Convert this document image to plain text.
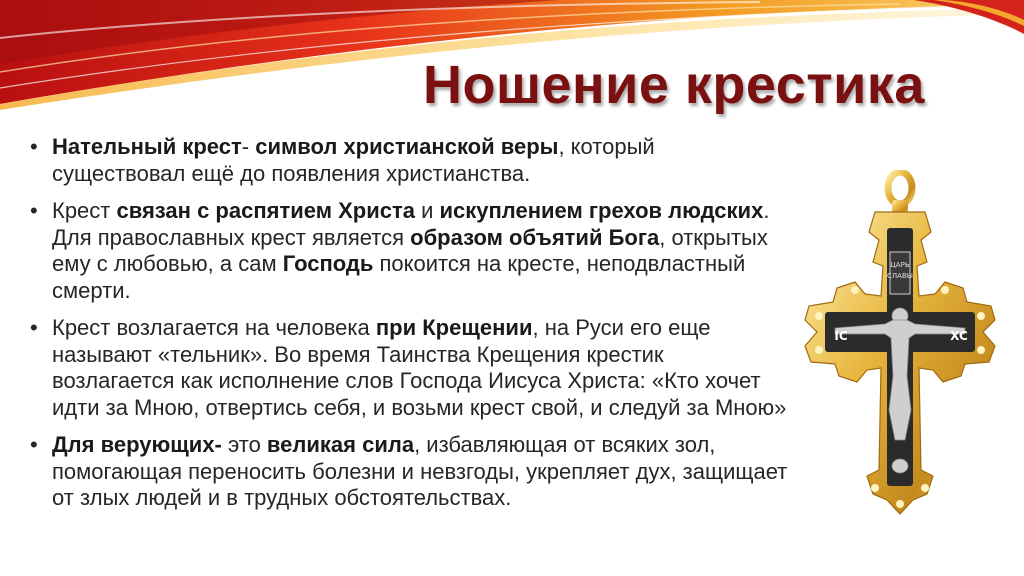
Ношение крестика
• Нательный крест- символ христианской веры, который существовал ещё до появления христианства.
• Крест связан с распятием Христа и искуплением грехов людских. Для православных крест является образом объятий Бога, открытых ему с любовью, а сам Господь покоится на кресте, неподвластный смерти.
• Крест возлагается на человека при Крещении, на Руси его еще называют «тельник». Во время Таинства Крещения крестик возлагается как исполнение слов Господа Иисуса Христа: «Кто хочет идти за Мною, отвертись себя, и возьми крест свой, и следуй за Мною»
• Для верующих- это великая сила, избавляющая от всяких зол, помогающая переносить болезни и невзгоды, укрепляет дух, защищает от злых людей и в трудных обстоятельствах.
ЦАРЬ
СЛАВЫ
IC	XC
